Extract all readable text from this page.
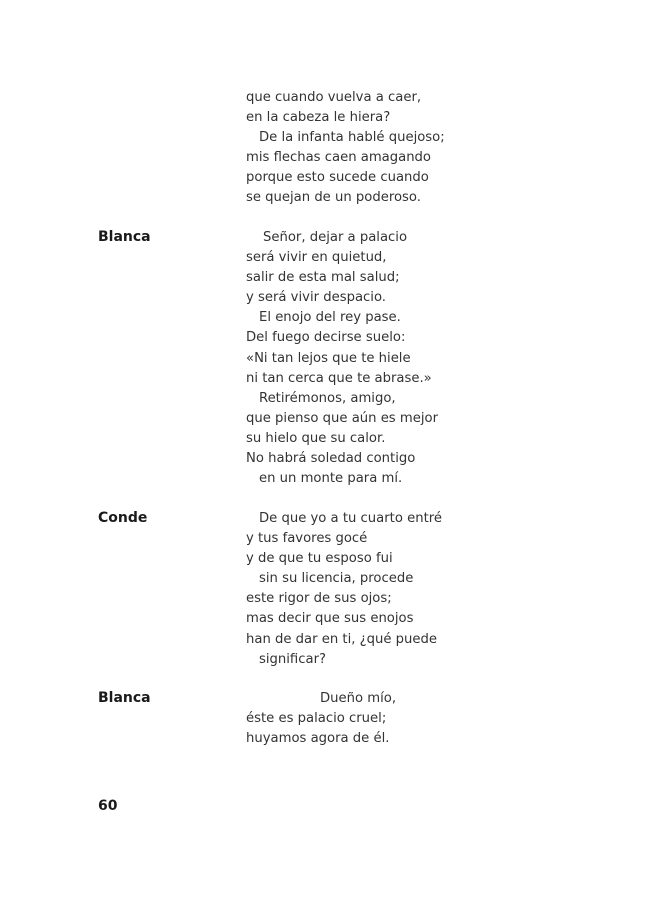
que cuando vuelva a caer,
en la cabeza le hiera?
De la infanta hablé quejoso;
mis flechas caen amagando
porque esto sucede cuando
se quejan de un poderoso.
Blanca	Señor, dejar a palacio
será vivir en quietud,
salir de esta mal salud;
y será vivir despacio.
El enojo del rey pase.
Del fuego decirse suelo:
«Ni tan lejos que te hiele
ni tan cerca que te abrase.»
Retirémonos, amigo,
que pienso que aún es mejor
su hielo que su calor.
No habrá soledad contigo
en un monte para mí.
Conde	De que yo a tu cuarto entré
y tus favores gocé
y de que tu esposo fui
sin su licencia, procede
este rigor de sus ojos;
mas decir que sus enojos
han de dar en ti, ¿qué puede
significar?
Blanca	Dueño mío,
éste es palacio cruel;
huyamos agora de él.
60
